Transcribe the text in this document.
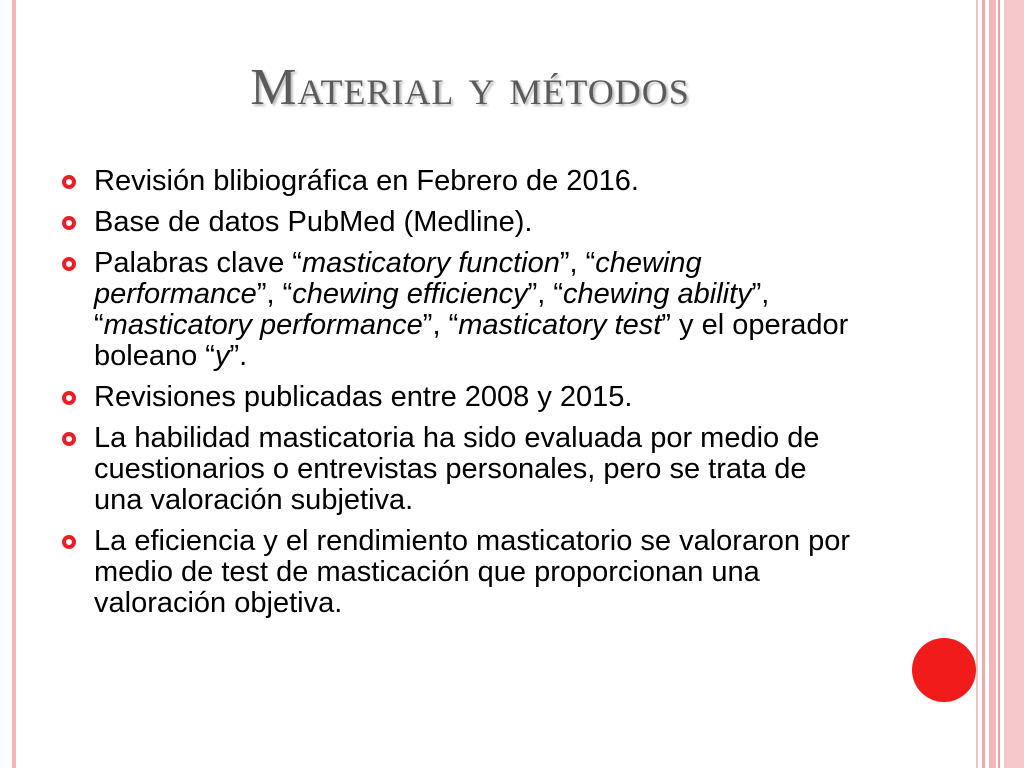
Material y métodos
Revisión blibiográfica en Febrero de 2016.
Base de datos PubMed (Medline).
Palabras clave “masticatory function”, “chewing performance”, “chewing efficiency”, “chewing ability”, “masticatory performance”, “masticatory test” y el operador boleano “y”.
Revisiones publicadas entre 2008 y 2015.
La habilidad masticatoria ha sido evaluada por medio de cuestionarios o entrevistas personales, pero se trata de una valoración subjetiva.
La eficiencia y el rendimiento masticatorio se valoraron por medio de test de masticación que proporcionan una valoración objetiva.
